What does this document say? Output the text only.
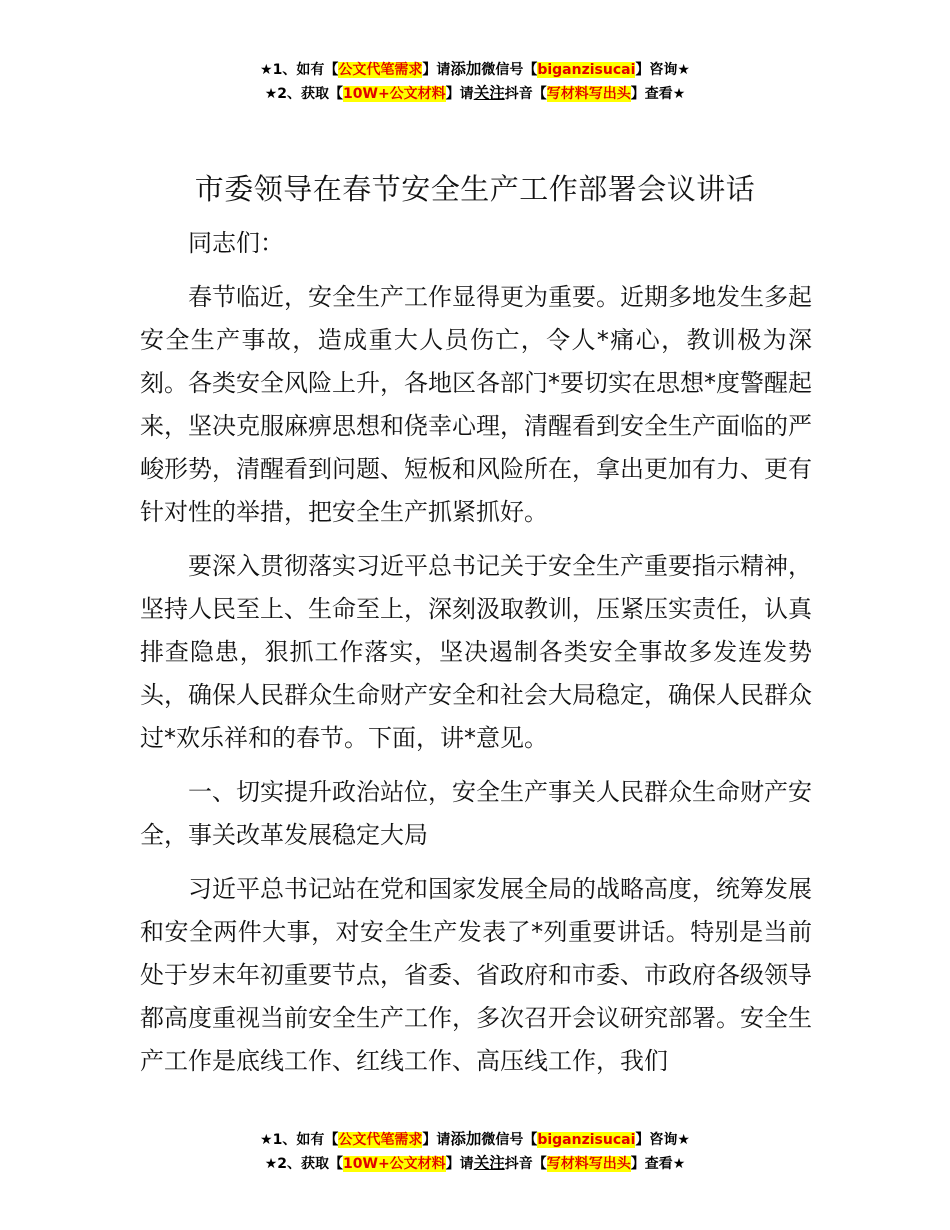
★1、如有【公文代笔需求】请添加微信号【biganzisucai】咨询★
★2、获取【10W+公文材料】请关注抖音【写材料写出头】查看★
市委领导在春节安全生产工作部署会议讲话

同志们：

春节临近，安全生产工作显得更为重要。近期多地发生多起安全生产事故，造成重大人员伤亡，令人*痛心，教训极为深刻。各类安全风险上升，各地区各部门*要切实在思想*度警醒起来，坚决克服麻痹思想和侥幸心理，清醒看到安全生产面临的严峻形势，清醒看到问题、短板和风险所在，拿出更加有力、更有针对性的举措，把安全生产抓紧抓好。

要深入贯彻落实习近平总书记关于安全生产重要指示精神，坚持人民至上、生命至上，深刻汲取教训，压紧压实责任，认真排查隐患，狠抓工作落实，坚决遏制各类安全事故多发连发势头，确保人民群众生命财产安全和社会大局稳定，确保人民群众过*欢乐祥和的春节。下面，讲*意见。

一、切实提升政治站位，安全生产事关人民群众生命财产安全，事关改革发展稳定大局

习近平总书记站在党和国家发展全局的战略高度，统筹发展和安全两件大事，对安全生产发表了*列重要讲话。特别是当前处于岁末年初重要节点，省委、省政府和市委、市政府各级领导都高度重视当前安全生产工作，多次召开会议研究部署。安全生产工作是底线工作、红线工作、高压线工作，我们

★1、如有【公文代笔需求】请添加微信号【biganzisucai】咨询★
★2、获取【10W+公文材料】请关注抖音【写材料写出头】查看★
